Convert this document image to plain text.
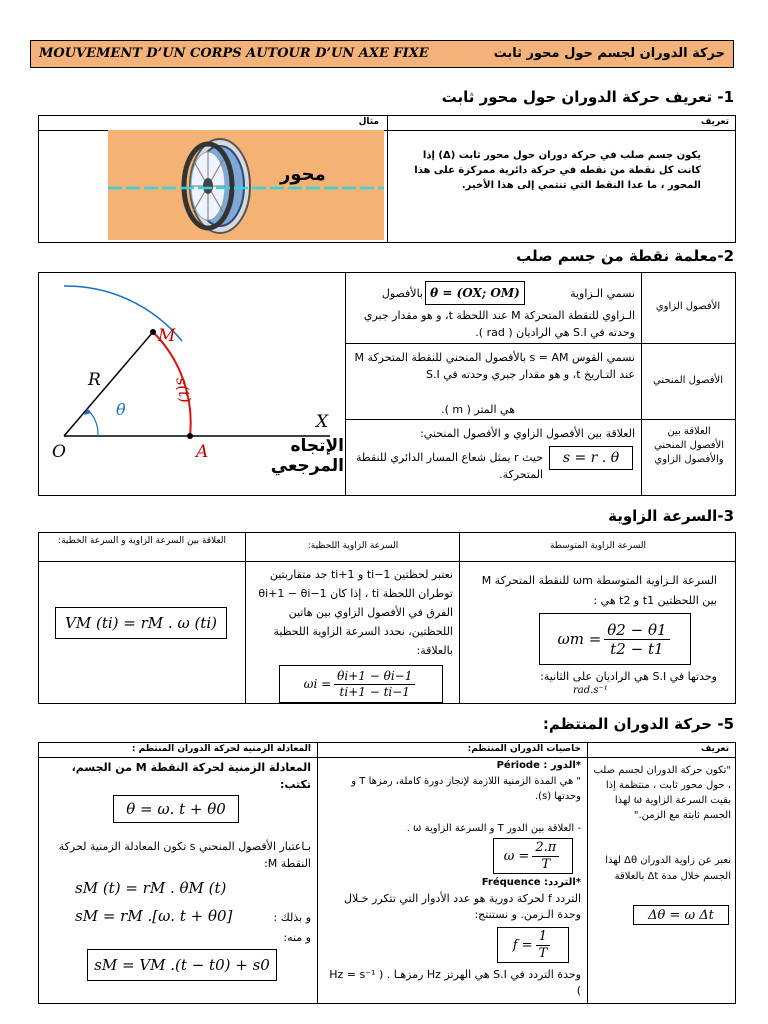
MOUVEMENT D’UN CORPS AUTOUR D’UN AXE FIXE	حركة الدوران لجسم حول محور ثابت
1- تعريف حركة الدوران حول محور ثابت
تعريف
مثال
يكون جسم صلب في حركة دوران حول محور ثابت (Δ) إذا كانت كل نقطة من نقطه في حركة دائرية ممركزة على هذا المحور ، ما عدا النقط التي تنتمي إلى هذا الأخير.
محور
2-معلمة نقطة من جسم صلب
الأفصول الزاوي
الأفصول المنحني
العلاقة بين الأفصول المنحني والأفصول الزاوي
نسمي الـزاوية
بالأفصول θ = (OX; OM)
الـزاوي للنقطة المتحركة M عند اللحظة t، و هو مقدار جبري وحدته في S.I هي الراديان ( rad ).
نسمي القوس s = AM بالأفصول المنحني للنقطة المتحركة M عند التـاريخ t، و هو مقدار جبري وحدته في S.I
هي المتر ( m ).
العلاقة بين الأفصول الزاوي و الأفصول المنحني:
s = r . θ
حيث r يمثل شعاع المسار الدائري للنقطة المتحركة.
M
R
θ
O
X
A
s(t)
الإتجاه المرجعي
3-السرعة الزاوية
السرعة الزاوية المتوسطة
السرعة الزاوية اللحظية:
العلاقة بين السرعة الزاوية و السرعة الخطية:
السرعة الـزاوية المتوسطة ωm للنقطة المتحركة M بين اللحظتين t1 و t2 هي :
$\omega m = \frac{\theta 2 - \theta 1}{t2 - t1}$
وحدتها في S.I هي الراديان على الثانية:
rad.s⁻¹
نعتبر لحظتين ti−1 و ti+1 جد متقاربتين توطران اللحظة ti ، إذا كان θi+1 − θi−1 الفرق في الأفصول الزاوي بين هاتين اللحظتين، نحدد السرعة الزاوية اللحظية بالعلاقة:
$\omega i = \frac{\theta i+1 - \theta i-1}{ti+1 - ti-1}$
VM (ti) = rM . ω (ti)
5- حركة الدوران المنتظم:
تعريف
خاصيات الدوران المنتظم:
المعادلة الزمنية لحركة الدوران المنتظم :
"تكون حركة الدوران لجسم صلب ، حول محور ثابت ، منتظمة إذا بقيت السرعة الزاوية ω لهذا الجسم ثابتة مع الزمن."
نعبر عن زاوية الدوران Δθ لهذا الجسم خلال مدة Δt بالعلاقة
Δθ = ω Δt
*الدور : Période
" هي المدة الزمنية اللازمة لإنجاز دورة كاملة، رمزها T و وحدتها (s).
- العلاقة بين الدور T و السرعة الزاوية ω .
$\omega = \frac{2.\pi}{T}$
*التردد: Fréquence
التردد f لحركة دورية هو عدد الأدوار التي تتكرر خـلال وحدة الـزمن. و نستنتج:
$f = \frac{1}{T}$
وحدة التردد في S.I هي الهرتز Hz رمزهـا . ( Hz = s⁻¹ )
المعادلة الزمنية لحركة النقطة M من الجسم، تكتب:
θ = ω. t + θ0
بـاعتبار الأفصول المنحني s تكون المعادلة الزمنية لحركة النقطة M:
sM (t) = rM . θM (t)
sM = rM .[ω. t + θ0]	و بذلك :
و منه:
sM = VM .(t − t0) + s0
